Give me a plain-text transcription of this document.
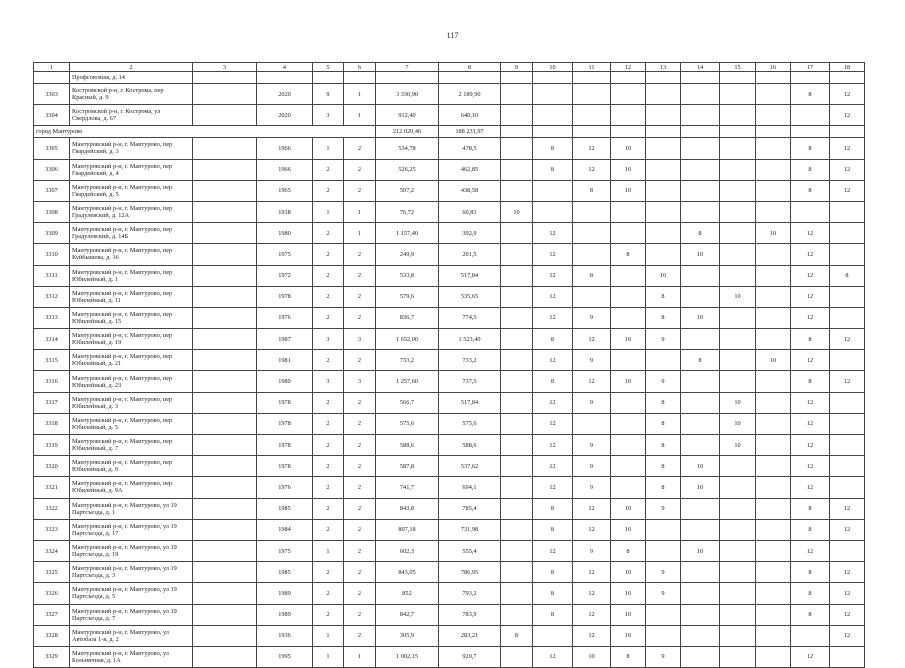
117
1	2	3	4	5	6	7	8	9	10	11	12	13	14	15	16	17	18
	Профсоюзная, д. 14																
3303	Костромской р-н, г. Кострома, пер Красный, д. 9		2020	9	1	3 330,90	2 189,90									8	12
3304	Костромской р-н, г. Кострома, ул Свердлова, д. 67		2020	3	1	912,40	640,10										12
город Мантурово						212 020,46	188 231,97										
3305	Мантуровский р-н, г. Мантурово, пер Гвардейский, д. 3		1966	1	2	534,78	478,5		8	12	10					8	12
3306	Мантуровский р-н, г. Мантурово, пер Гвардейский, д. 4		1966	2	2	526,25	462,85		8	12	10					8	12
3307	Мантуровский р-н, г. Мантурово, пер Гвардейский, д. 5		1965	2	2	507,2	438,58			8	10					8	12
3308	Мантуровский р-н, г. Мантурово, пер Градулевский, д. 12А		1918	1	1	76,72	60,83	10									
3309	Мантуровский р-н, г. Мантурово, пер Градулевский, д. 14Б		1980	2	1	1 157,40	392,9		12				8		10	12	
3310	Мантуровский р-н, г. Мантурово, пер Куйбышева, д. 16		1975	2	2	249,9	201,5		12		8		10			12	
3311	Мантуровский р-н, г. Мантурово, пер Юбилейный, д. 1		1972	2	2	533,8	517,84		12	8		10				12	8
3312	Мантуровский р-н, г. Мантурово, пер Юбилейный, д. 11		1978	2	2	579,6	535,65		12			8		10		12	
3313	Мантуровский р-н, г. Мантурово, пер Юбилейный, д. 15		1976	2	2	836,7	774,5		12	9		8	10			12	
3314	Мантуровский р-н, г. Мантурово, пер Юбилейный, д. 19		1987	3	3	1 652,00	1 523,40		8	12	10	9				8	12
3315	Мантуровский р-н, г. Мантурово, пер Юбилейный, д. 21		1981	2	2	733,2	733,2		12	9			8		10	12	
3316	Мантуровский р-н, г. Мантурово, пер Юбилейный, д. 23		1989	3	3	1 257,60	737,5		8	12	10	9				8	12
3317	Мантуровский р-н, г. Мантурово, пер Юбилейный, д. 3		1978	2	2	566,7	517,84		12	9		8		10		12	
3318	Мантуровский р-н, г. Мантурово, пер Юбилейный, д. 5		1978	2	2	575,6	575,6		12			8		10		12	
3319	Мантуровский р-н, г. Мантурово, пер Юбилейный, д. 7		1978	2	2	588,6	588,6		12	9		8		10		12	
3320	Мантуровский р-н, г. Мантурово, пер Юбилейный, д. 9		1978	2	2	587,8	537,62		12	9		8	10			12	
3321	Мантуровский р-н, г. Мантурово, пер Юбилейный, д. 9А		1976	2	2	741,7	694,1		12	9		8	10			12	
3322	Мантуровский р-н, г. Мантурово, ул 19 Партсъезда, д. 1		1985	2	2	843,8	785,4		8	12	10	9				8	12
3323	Мантуровский р-н, г. Мантурово, ул 19 Партсъезда, д. 17		1984	2	2	807,18	731,98		8	12	10					8	12
3324	Мантуровский р-н, г. Мантурово, ул 19 Партсъезда, д. 19		1975	1	2	602,3	555,4		12	9	8		10			12	
3325	Мантуровский р-н, г. Мантурово, ул 19 Партсъезда, д. 3		1985	2	2	843,05	786,95		8	12	10	9				8	12
3326	Мантуровский р-н, г. Мантурово, ул 19 Партсъезда, д. 5		1989	2	2	852	793,2		8	12	10	9				8	12
3327	Мантуровский р-н, г. Мантурово, ул 19 Партсъезда, д. 7		1989	2	2	842,7	783,9		8	12	10					8	12
3328	Мантуровский р-н, г. Мантурово, ул Автобаза 1-я, д. 2		1936	1	2	305,9	283,21	8		12	10						12
3329	Мантуровский р-н, г. Мантурово, ул Больничная, д. 1А		1995	1	1	1 002,15	920,7		12	10	8	9				12	
